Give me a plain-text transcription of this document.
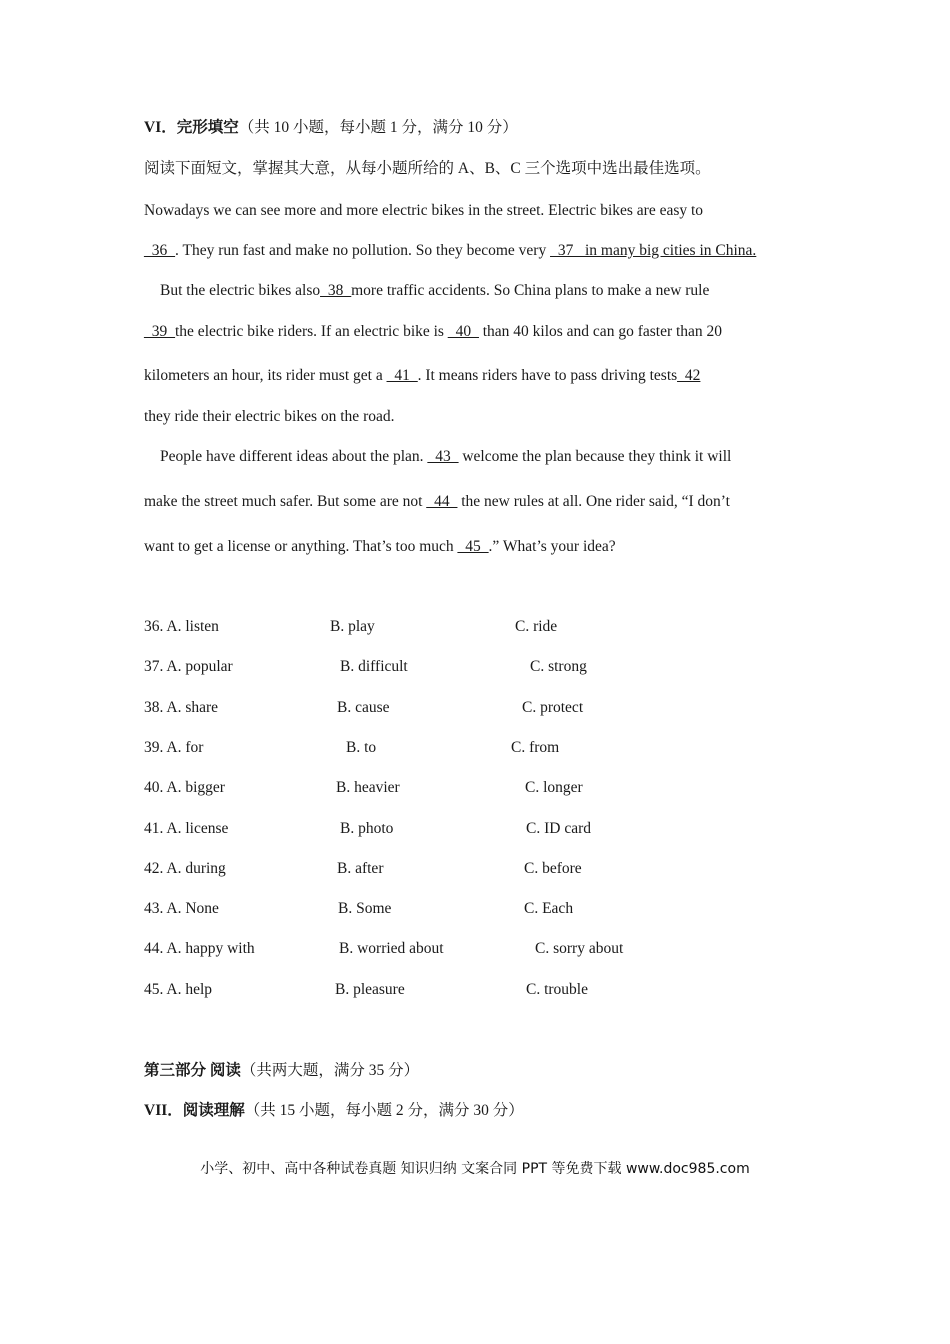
VI．完形填空（共 10 小题，每小题 1 分，满分 10 分）
阅读下面短文，掌握其大意，从每小题所给的 A、B、C 三个选项中选出最佳选项。
Nowadays we can see more and more electric bikes in the street. Electric bikes are easy to
_36_. They run fast and make no pollution. So they become very _37_ in many big cities in China.
But the electric bikes also_38_more traffic accidents. So China plans to make a new rule
_39_the electric bike riders. If an electric bike is _40_ than 40 kilos and can go faster than 20
kilometers an hour, its rider must get a _41_. It means riders have to pass driving tests_42
they ride their electric bikes on the road.
People have different ideas about the plan. _43_ welcome the plan because they think it will
make the street much safer. But some are not _44_ the new rules at all. One rider said, “I don’t
want to get a license or anything. That’s too much _45_.” What’s your idea?
36. A. listen	B. play	C. ride
37. A. popular	B. difficult	C. strong
38. A. share	B. cause	C. protect
39. A. for	B. to	C. from
40. A. bigger	B. heavier	C. longer
41. A. license	B. photo	C. ID card
42. A. during	B. after	C. before
43. A. None	B. Some	C. Each
44. A. happy with	B. worried about	C. sorry about
45. A. help	B. pleasure	C. trouble
第三部分 阅读（共两大题，满分 35 分）
VII．阅读理解（共 15 小题，每小题 2 分，满分 30 分）
小学、初中、高中各种试卷真题 知识归纳 文案合同 PPT 等免费下载 www.doc985.com
